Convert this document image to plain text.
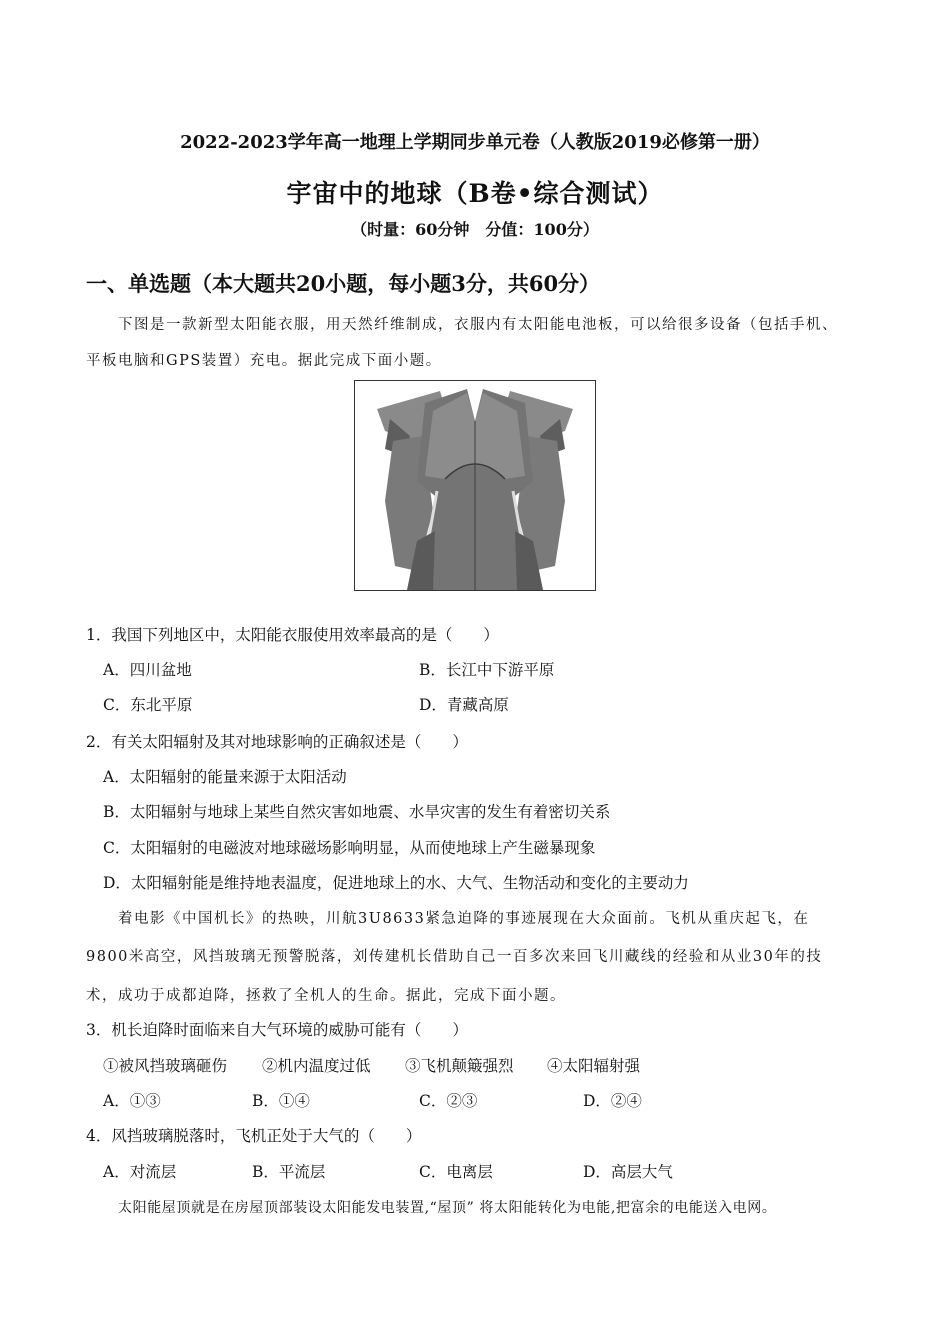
2022-2023学年高一地理上学期同步单元卷（人教版2019必修第一册）
宇宙中的地球（B卷•综合测试）
（时量：60分钟　分值：100分）
一、单选题（本大题共20小题，每小题3分，共60分）
下图是一款新型太阳能衣服，用天然纤维制成，衣服内有太阳能电池板，可以给很多设备（包括手机、
平板电脑和GPS装置）充电。据此完成下面小题。
1．我国下列地区中，太阳能衣服使用效率最高的是（　　）
A．四川盆地	B．长江中下游平原
C．东北平原	D．青藏高原
2．有关太阳辐射及其对地球影响的正确叙述是（　　）
A．太阳辐射的能量来源于太阳活动
B．太阳辐射与地球上某些自然灾害如地震、水旱灾害的发生有着密切关系
C．太阳辐射的电磁波对地球磁场影响明显，从而使地球上产生磁暴现象
D．太阳辐射能是维持地表温度，促进地球上的水、大气、生物活动和变化的主要动力
着电影《中国机长》的热映，川航3U8633紧急迫降的事迹展现在大众面前。飞机从重庆起飞，在
9800米高空，风挡玻璃无预警脱落，刘传建机长借助自己一百多次来回飞川藏线的经验和从业30年的技
术，成功于成都迫降，拯救了全机人的生命。据此，完成下面小题。
3．机长迫降时面临来自大气环境的威胁可能有（　　）
①被风挡玻璃砸伤 ②机内温度过低 ③飞机颠簸强烈 ④太阳辐射强
A．①③	B．①④	C．②③	D．②④
4．风挡玻璃脱落时，飞机正处于大气的（　　）
A．对流层	B．平流层	C．电离层	D．高层大气
太阳能屋顶就是在房屋顶部装设太阳能发电装置,“屋顶” 将太阳能转化为电能,把富余的电能送入电网。
